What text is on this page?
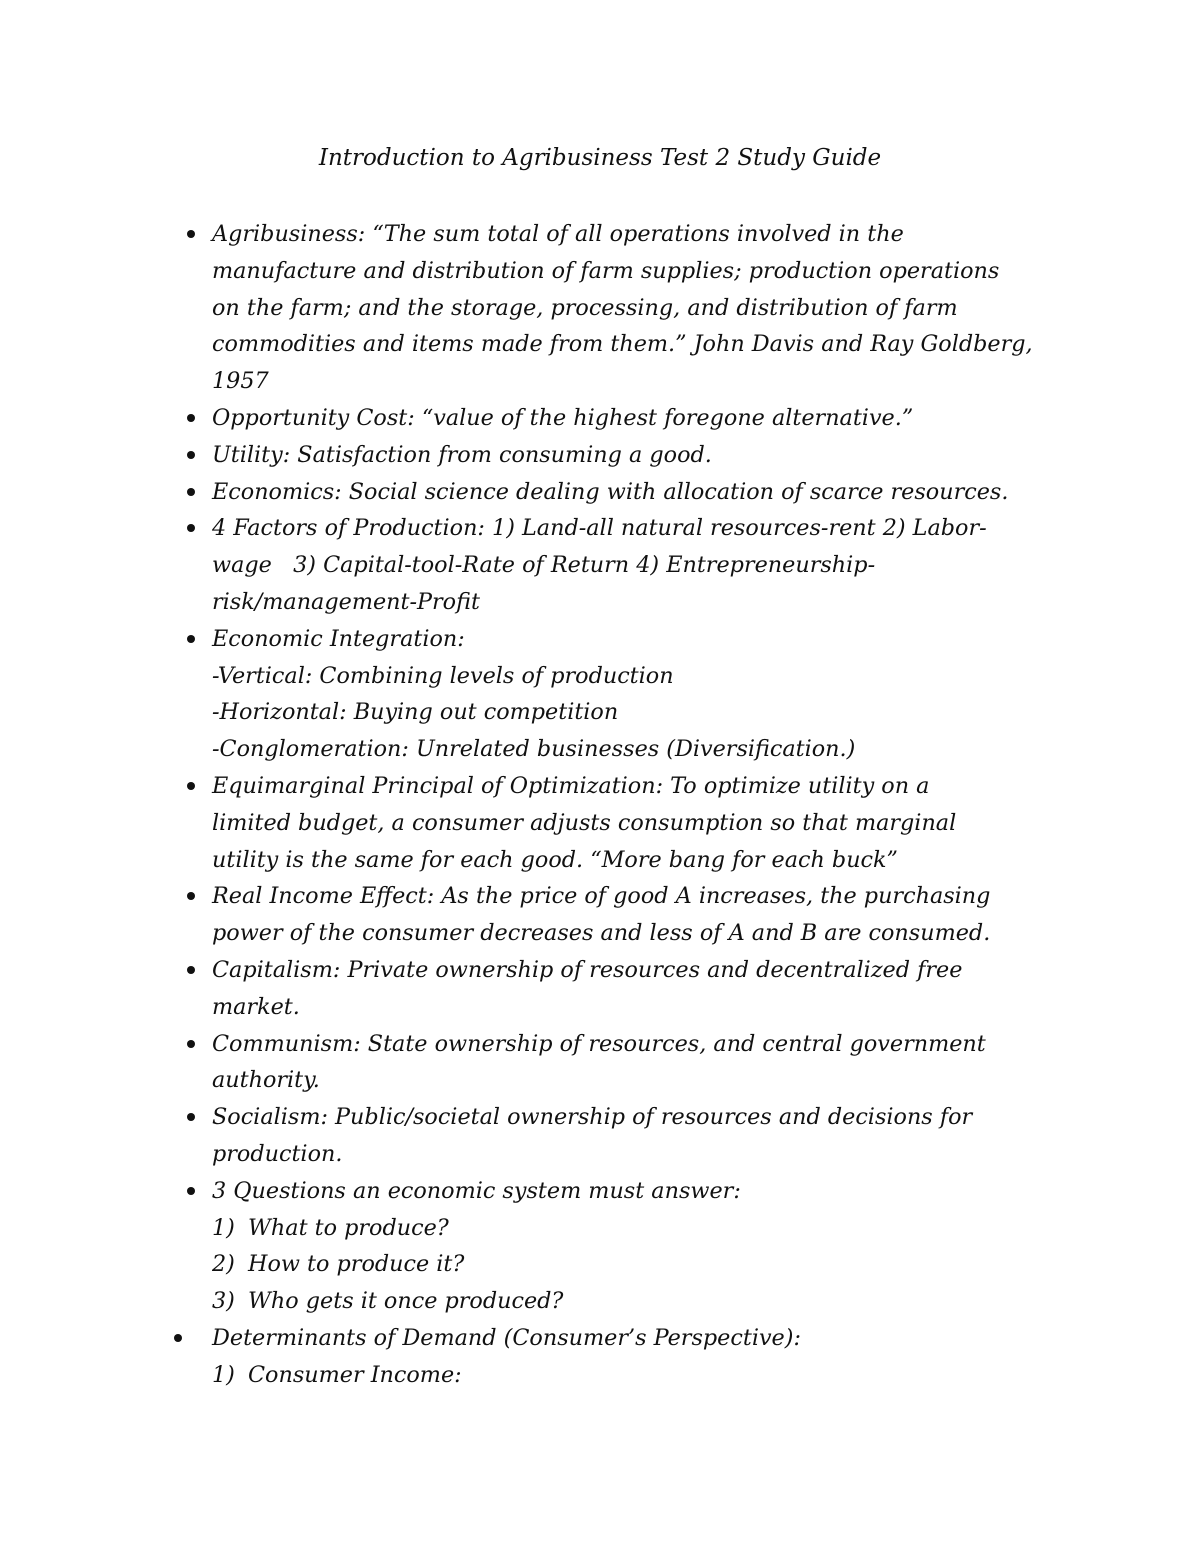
Introduction to Agribusiness Test 2 Study Guide
Agribusiness: “The sum total of all operations involved in the
manufacture and distribution of farm supplies; production operations
on the farm; and the storage, processing, and distribution of farm
commodities and items made from them.” John Davis and Ray Goldberg,
1957
Opportunity Cost: “value of the highest foregone alternative.”
Utility: Satisfaction from consuming a good.
Economics: Social science dealing with allocation of scarce resources.
4 Factors of Production: 1) Land-all natural resources-rent 2) Labor-
wage   3) Capital-tool-Rate of Return 4) Entrepreneurship-
risk/management-Profit
Economic Integration:
-Vertical: Combining levels of production
-Horizontal: Buying out competition
-Conglomeration: Unrelated businesses (Diversification.)
Equimarginal Principal of Optimization: To optimize utility on a
limited budget, a consumer adjusts consumption so that marginal
utility is the same for each good. “More bang for each buck”
Real Income Effect: As the price of good A increases, the purchasing
power of the consumer decreases and less of A and B are consumed.
Capitalism: Private ownership of resources and decentralized free
market.
Communism: State ownership of resources, and central government
authority.
Socialism: Public/societal ownership of resources and decisions for
production.
3 Questions an economic system must answer:
1) What to produce?
2) How to produce it?
3) Who gets it once produced?
Determinants of Demand (Consumer’s Perspective):
1) Consumer Income:
